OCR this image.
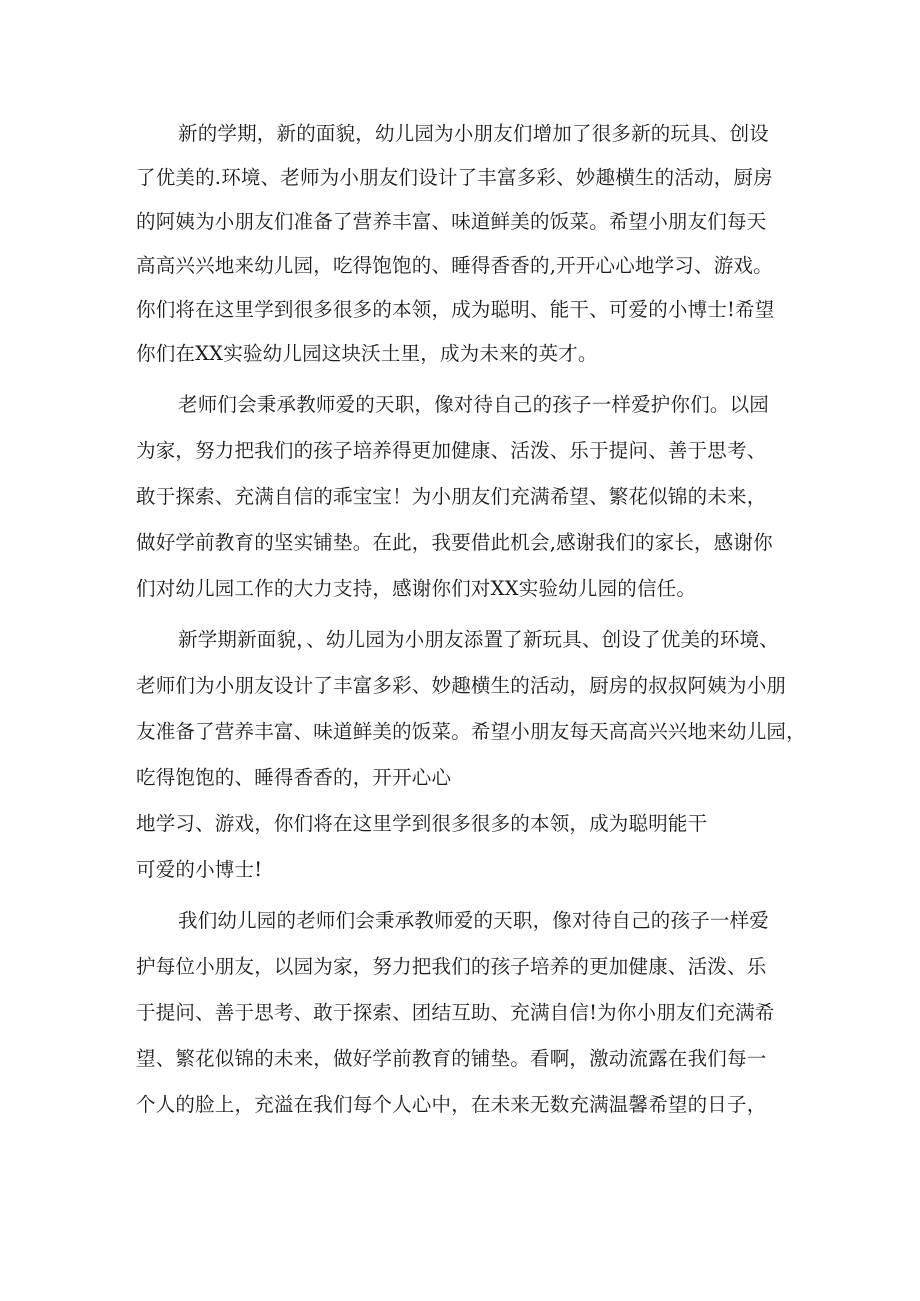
新的学期，新的面貌，幼儿园为小朋友们增加了很多新的玩具、创设
了优美的.环境、老师为小朋友们设计了丰富多彩、妙趣横生的活动，厨房
的阿姨为小朋友们准备了营养丰富、味道鲜美的饭菜。希望小朋友们每天
高高兴兴地来幼儿园，吃得饱饱的、睡得香香的,开开心心地学习、游戏。
你们将在这里学到很多很多的本领，成为聪明、能干、可爱的小博士!希望
你们在XX实验幼儿园这块沃土里，成为未来的英才。
老师们会秉承教师爱的天职，像对待自己的孩子一样爱护你们。以园
为家，努力把我们的孩子培养得更加健康、活泼、乐于提问、善于思考、
敢于探索、充满自信的乖宝宝！为小朋友们充满希望、繁花似锦的未来，
做好学前教育的坚实铺垫。在此，我要借此机会,感谢我们的家长，感谢你
们对幼儿园工作的大力支持，感谢你们对XX实验幼儿园的信任。
新学期新面貌，、幼儿园为小朋友添置了新玩具、创设了优美的环境、
老师们为小朋友设计了丰富多彩、妙趣横生的活动，厨房的叔叔阿姨为小朋
友准备了营养丰富、味道鲜美的饭菜。希望小朋友每天高高兴兴地来幼儿园，
吃得饱饱的、睡得香香的，开开心心
地学习、游戏，你们将在这里学到很多很多的本领，成为聪明能干
可爱的小博士!
我们幼儿园的老师们会秉承教师爱的天职，像对待自己的孩子一样爱
护每位小朋友，以园为家，努力把我们的孩子培养的更加健康、活泼、乐
于提问、善于思考、敢于探索、团结互助、充满自信!为你小朋友们充满希
望、繁花似锦的未来，做好学前教育的铺垫。看啊，激动流露在我们每一
个人的脸上，充溢在我们每个人心中，在未来无数充满温馨希望的日子，
